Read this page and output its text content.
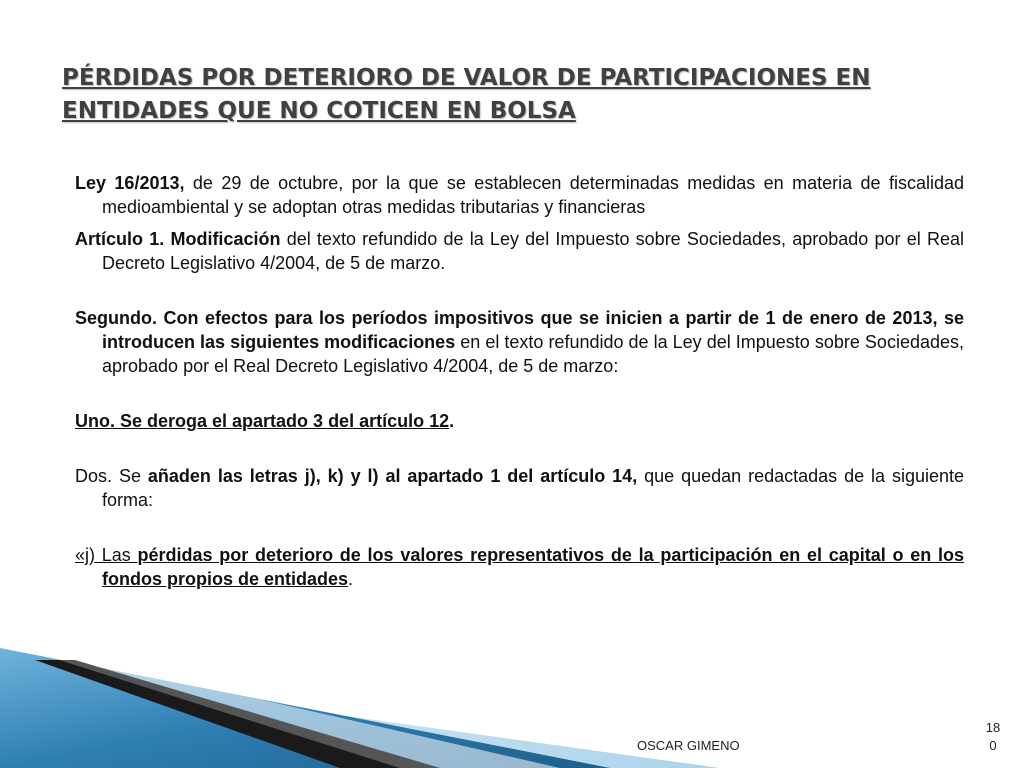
PÉRDIDAS POR DETERIORO DE VALOR DE PARTICIPACIONES EN ENTIDADES QUE NO COTICEN EN BOLSA

Ley 16/2013, de 29 de octubre, por la que se establecen determinadas medidas en materia de fiscalidad medioambiental y se adoptan otras medidas tributarias y financieras

Artículo 1. Modificación del texto refundido de la Ley del Impuesto sobre Sociedades, aprobado por el Real Decreto Legislativo 4/2004, de 5 de marzo.

Segundo. Con efectos para los períodos impositivos que se inicien a partir de 1 de enero de 2013, se introducen las siguientes modificaciones en el texto refundido de la Ley del Impuesto sobre Sociedades, aprobado por el Real Decreto Legislativo 4/2004, de 5 de marzo:

Uno. Se deroga el apartado 3 del artículo 12.

Dos. Se añaden las letras j), k) y l) al apartado 1 del artículo 14, que quedan redactadas de la siguiente forma:

«j) Las pérdidas por deterioro de los valores representativos de la participación en el capital o en los fondos propios de entidades.

OSCAR GIMENO
18
0
